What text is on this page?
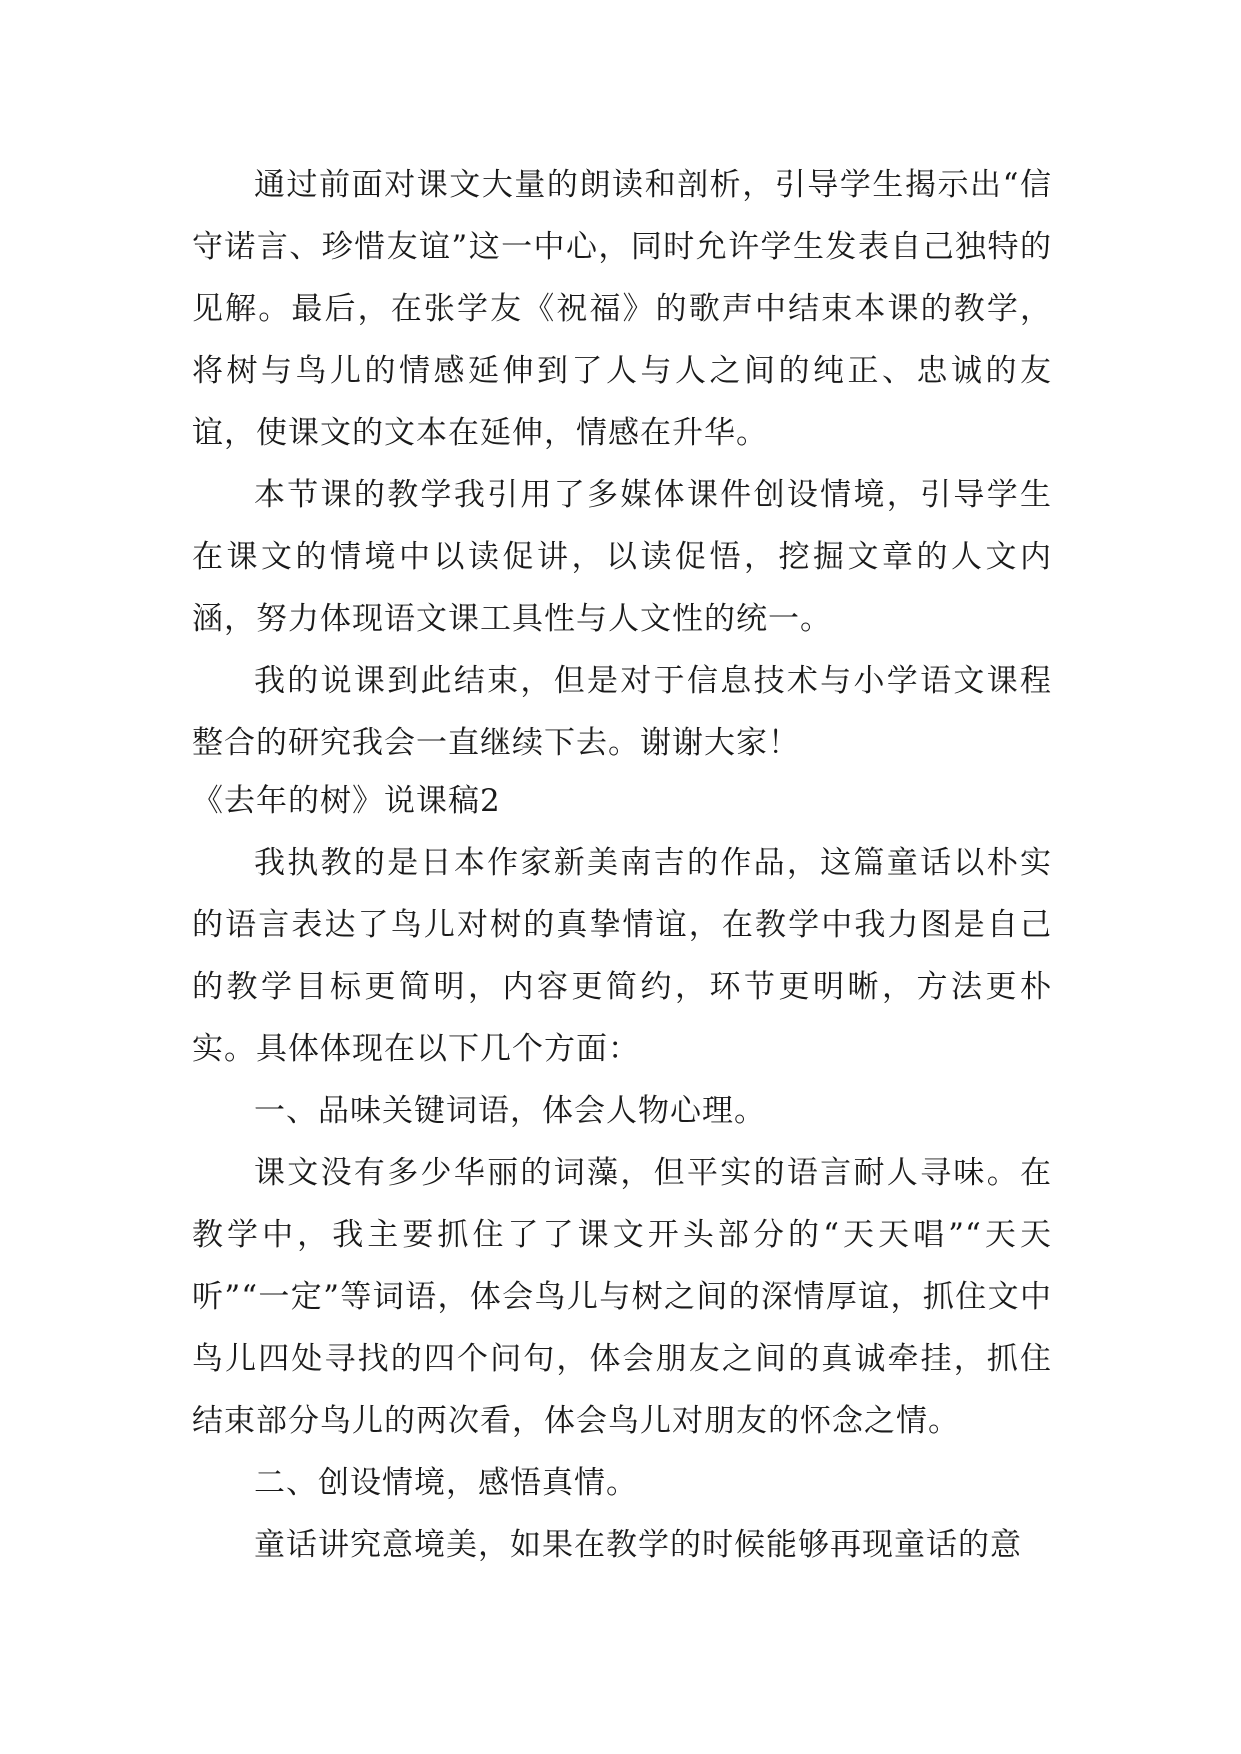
通过前面对课文大量的朗读和剖析，引导学生揭示出“信守诺言、珍惜友谊”这一中心，同时允许学生发表自己独特的见解。最后，在张学友《祝福》的歌声中结束本课的教学，将树与鸟儿的情感延伸到了人与人之间的纯正、忠诚的友谊，使课文的文本在延伸，情感在升华。

本节课的教学我引用了多媒体课件创设情境，引导学生在课文的情境中以读促讲，以读促悟，挖掘文章的人文内涵，努力体现语文课工具性与人文性的统一。

我的说课到此结束，但是对于信息技术与小学语文课程整合的研究我会一直继续下去。谢谢大家！

《去年的树》说课稿2

我执教的是日本作家新美南吉的作品，这篇童话以朴实的语言表达了鸟儿对树的真挚情谊，在教学中我力图是自己的教学目标更简明，内容更简约，环节更明晰，方法更朴实。具体体现在以下几个方面：

一、品味关键词语，体会人物心理。

课文没有多少华丽的词藻，但平实的语言耐人寻味。在教学中，我主要抓住了了课文开头部分的“天天唱”“天天听”“一定”等词语，体会鸟儿与树之间的深情厚谊，抓住文中鸟儿四处寻找的四个问句，体会朋友之间的真诚牵挂，抓住结束部分鸟儿的两次看，体会鸟儿对朋友的怀念之情。

二、创设情境，感悟真情。

童话讲究意境美，如果在教学的时候能够再现童话的意
